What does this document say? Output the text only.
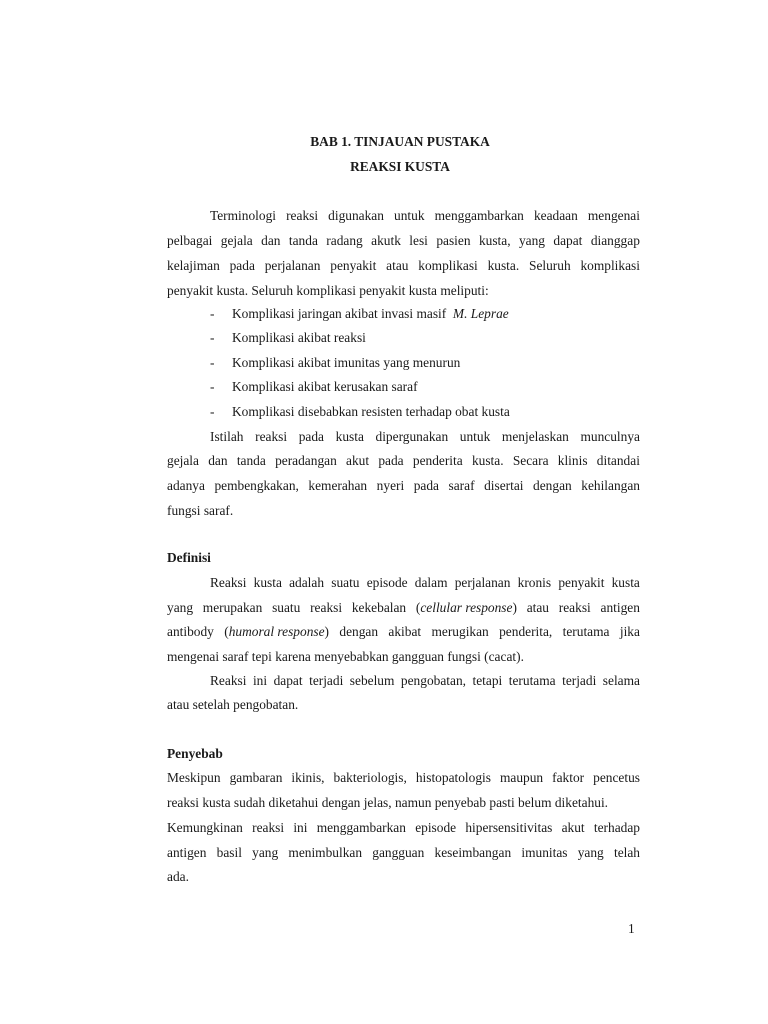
BAB 1. TINJAUAN PUSTAKA
REAKSI KUSTA
Terminologi reaksi digunakan untuk menggambarkan keadaan mengenai
pelbagai gejala dan tanda radang akutk lesi pasien kusta, yang dapat dianggap
kelajiman pada perjalanan penyakit atau komplikasi kusta. Seluruh komplikasi
penyakit kusta. Seluruh komplikasi penyakit kusta meliputi:
- Komplikasi jaringan akibat invasi masif M. Leprae
- Komplikasi akibat reaksi
- Komplikasi akibat imunitas yang menurun
- Komplikasi akibat kerusakan saraf
- Komplikasi disebabkan resisten terhadap obat kusta
Istilah reaksi pada kusta dipergunakan untuk menjelaskan munculnya
gejala dan tanda peradangan akut pada penderita kusta. Secara klinis ditandai
adanya pembengkakan, kemerahan nyeri pada saraf disertai dengan kehilangan
fungsi saraf.
Definisi
Reaksi kusta adalah suatu episode dalam perjalanan kronis penyakit kusta
yang merupakan suatu reaksi kekebalan (cellular response) atau reaksi antigen
antibody (humoral response) dengan akibat merugikan penderita, terutama jika
mengenai saraf tepi karena menyebabkan gangguan fungsi (cacat).
Reaksi ini dapat terjadi sebelum pengobatan, tetapi terutama terjadi selama
atau setelah pengobatan.
Penyebab
Meskipun gambaran ikinis, bakteriologis, histopatologis maupun faktor pencetus
reaksi kusta sudah diketahui dengan jelas, namun penyebab pasti belum diketahui.
Kemungkinan reaksi ini menggambarkan episode hipersensitivitas akut terhadap
antigen basil yang menimbulkan gangguan keseimbangan imunitas yang telah
ada.
1
